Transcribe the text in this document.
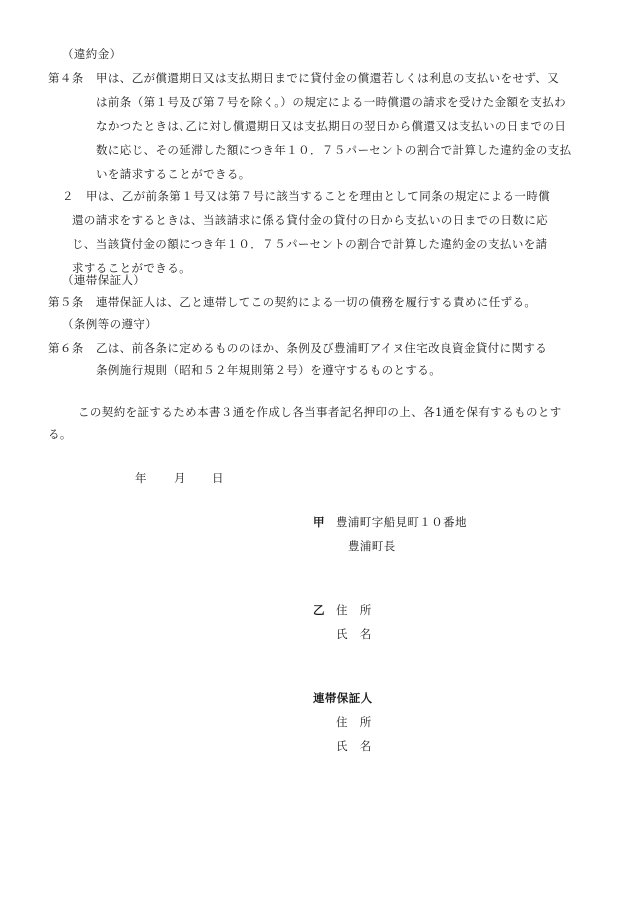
（違約金）
第４条 甲は、乙が償還期日又は支払期日までに貸付金の償還若しくは利息の支払いをせず、又
は前条（第１号及び第７号を除く。）の規定による一時償還の請求を受けた金額を支払わ
なかつたときは､乙に対し償還期日又は支払期日の翌日から償還又は支払いの日までの日
数に応じ、その延滞した額につき年１０．７５パーセントの割合で計算した違約金の支払
いを請求することができる。
２ 甲は、乙が前条第１号又は第７号に該当することを理由として同条の規定による一時償
還の請求をするときは、当該請求に係る貸付金の貸付の日から支払いの日までの日数に応
じ、当該貸付金の額につき年１０．７５パーセントの割合で計算した違約金の支払いを請
求することができる。
（連帯保証人）
第５条 連帯保証人は、乙と連帯してこの契約による一切の債務を履行する責めに任ずる。
（条例等の遵守）
第６条 乙は、前各条に定めるもののほか、条例及び豊浦町アイヌ住宅改良資金貸付に関する
条例施行規則（昭和５２年規則第２号）を遵守するものとする。
この契約を証するため本書３通を作成し各当事者記名押印の上、各1通を保有するものとす
る。
年 月 日
甲 豊浦町字船見町１０番地
豊浦町長
乙 住　所
氏　名
連帯保証人
住　所
氏　名
